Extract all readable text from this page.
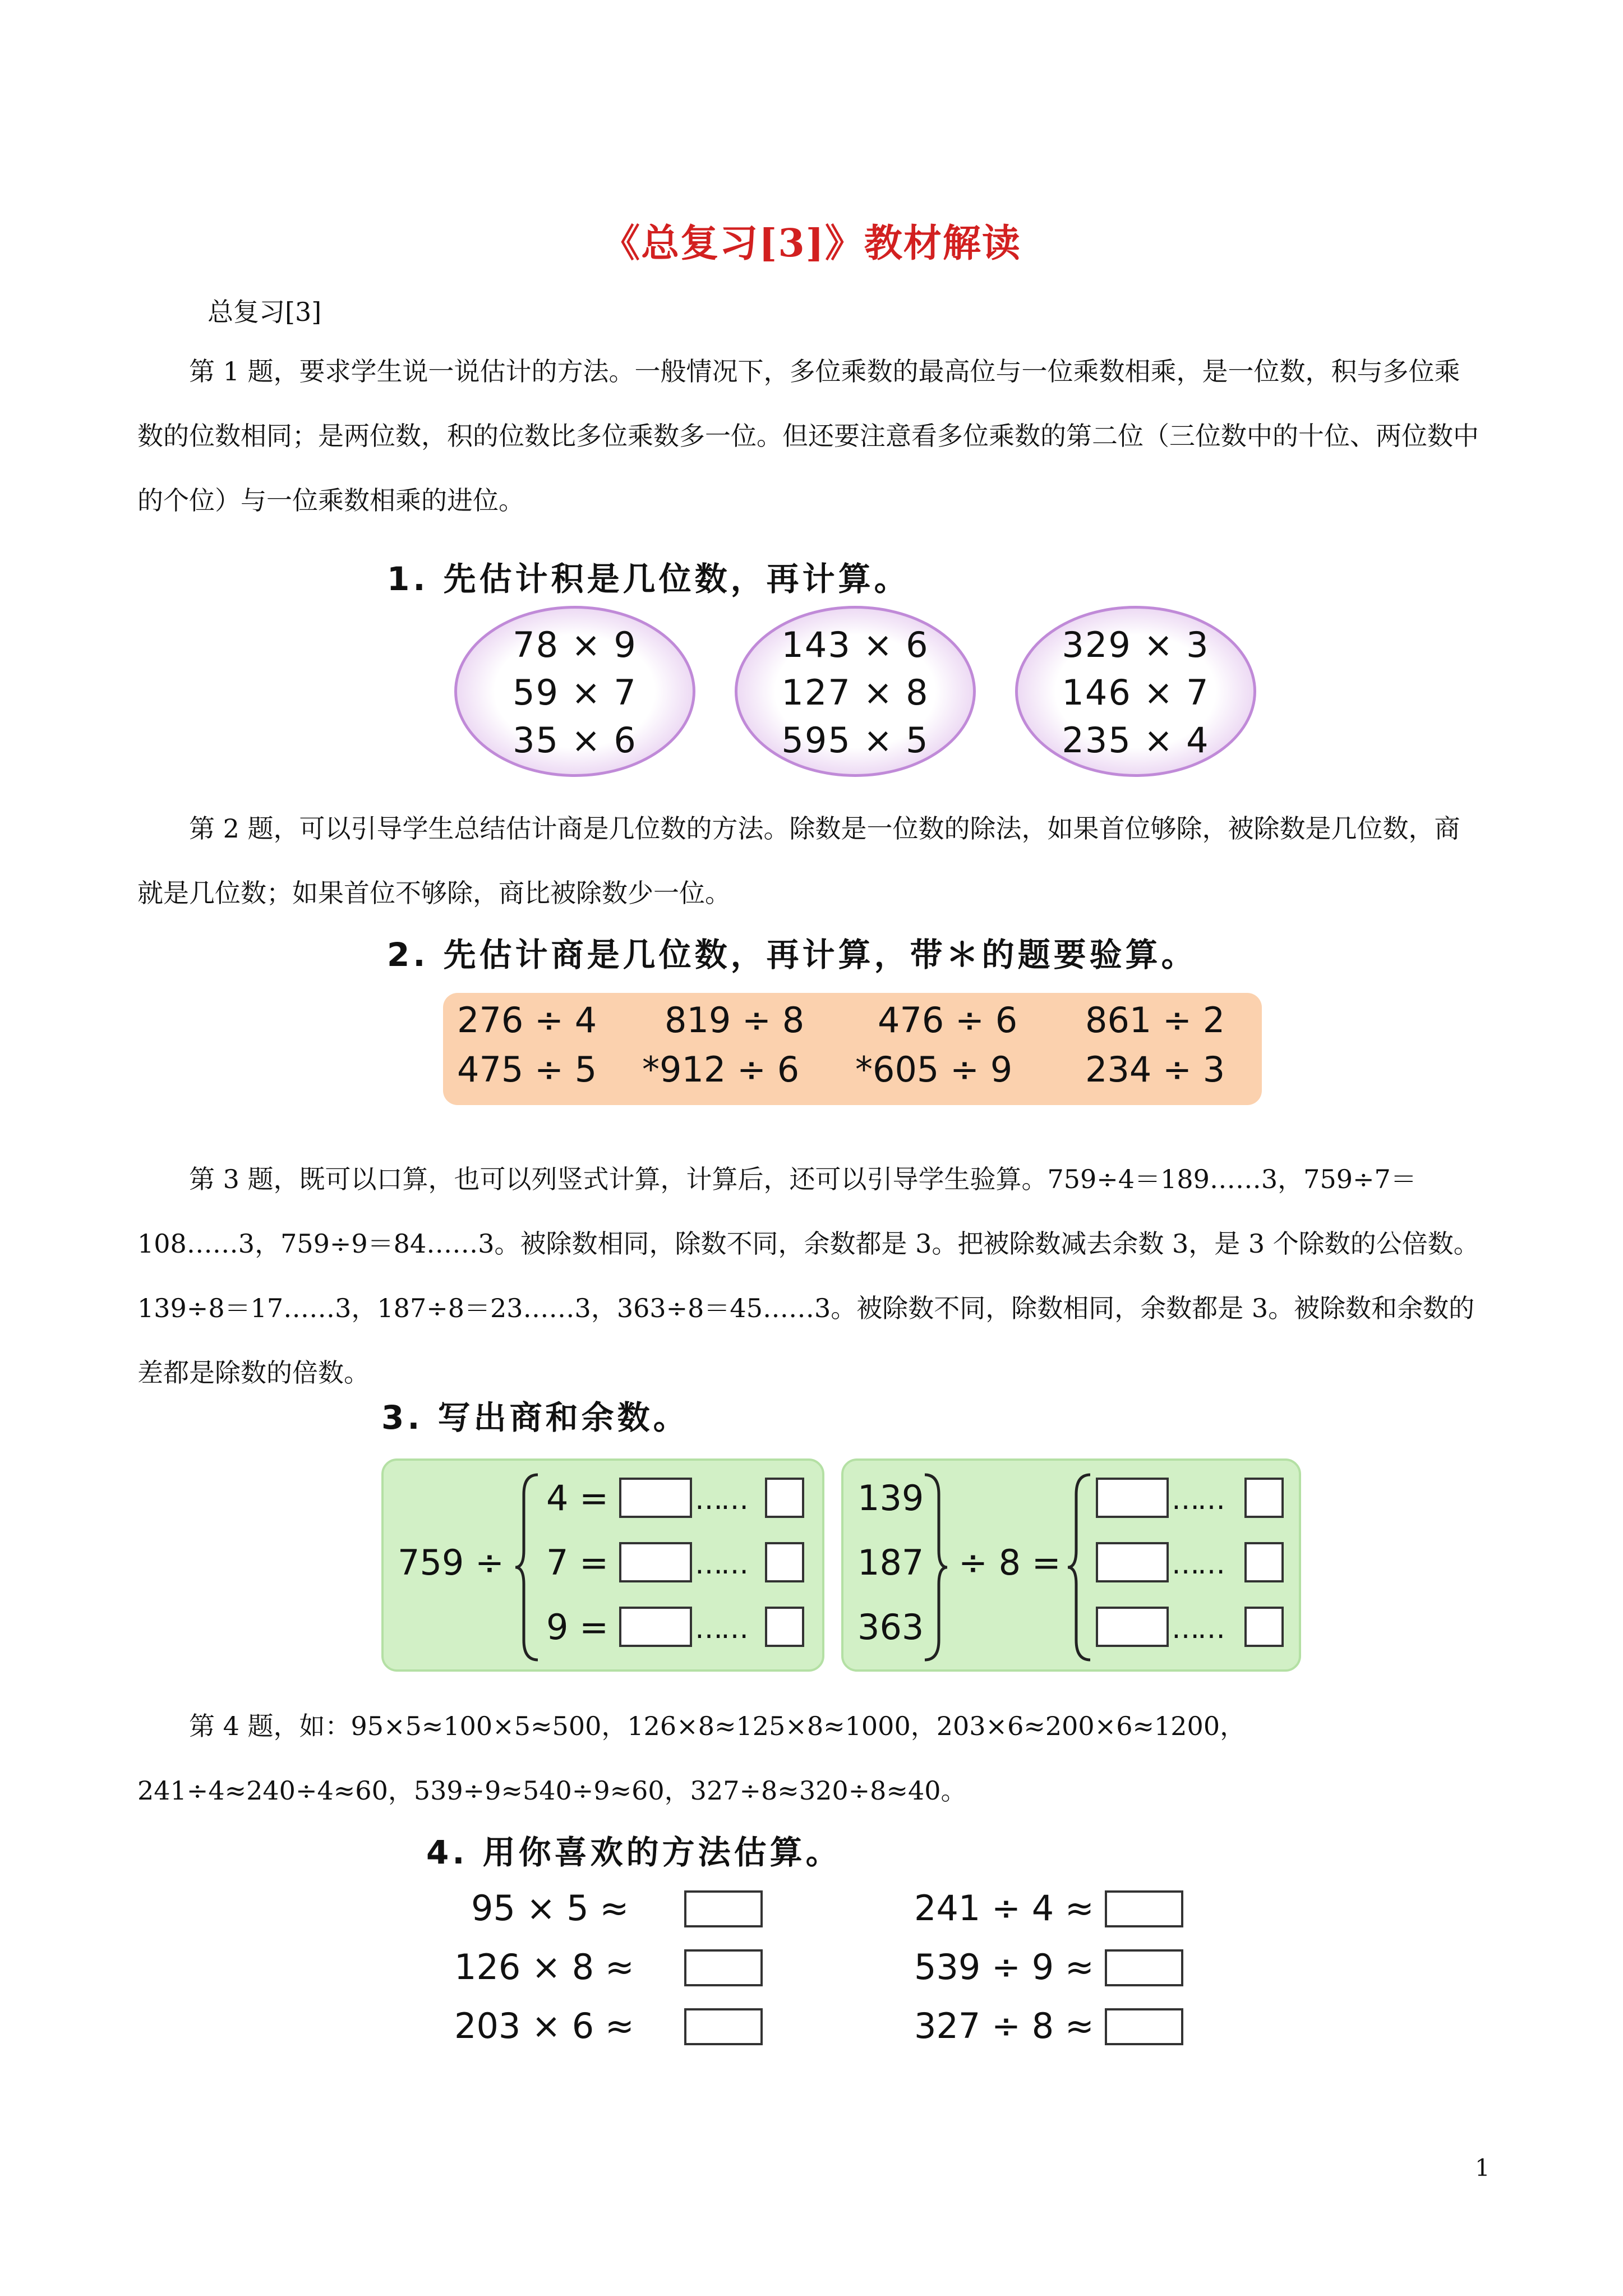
《总复习[3]》教材解读
总复习[3]

第 1 题，要求学生说一说估计的方法。一般情况下，多位乘数的最高位与一位乘数相乘，是一位数，积与多位乘数的位数相同；是两位数，积的位数比多位乘数多一位。但还要注意看多位乘数的第二位（三位数中的十位、两位数中的个位）与一位乘数相乘的进位。

1. 先估计积是几位数，再计算。
78 × 9
59 × 7
35 × 6
143 × 6
127 × 8
595 × 5
329 × 3
146 × 7
235 × 4

第 2 题，可以引导学生总结估计商是几位数的方法。除数是一位数的除法，如果首位够除，被除数是几位数，商就是几位数；如果首位不够除，商比被除数少一位。

2. 先估计商是几位数，再计算，带＊的题要验算。
276 ÷ 4 819 ÷ 8 476 ÷ 6 861 ÷ 2
475 ÷ 5 *912 ÷ 6 *605 ÷ 9 234 ÷ 3

第 3 题，既可以口算，也可以列竖式计算，计算后，还可以引导学生验算。759÷4＝189……3，759÷7＝108……3，759÷9＝84……3。被除数相同，除数不同，余数都是 3。把被除数减去余数 3，是 3 个除数的公倍数。139÷8＝17……3，187÷8＝23……3，363÷8＝45……3。被除数不同，除数相同，余数都是 3。被除数和余数的差都是除数的倍数。

3. 写出商和余数。
759 ÷
4 =
7 =
9 =
……
……
……
139
187
363
÷ 8 =
……
……
……

第 4 题，如：95×5≈100×5≈500，126×8≈125×8≈1000，203×6≈200×6≈1200， 241÷4≈240÷4≈60，539÷9≈540÷9≈60，327÷8≈320÷8≈40。

4. 用你喜欢的方法估算。
95 × 5 ≈
126 × 8 ≈
203 × 6 ≈
241 ÷ 4 ≈
539 ÷ 9 ≈
327 ÷ 8 ≈
1
